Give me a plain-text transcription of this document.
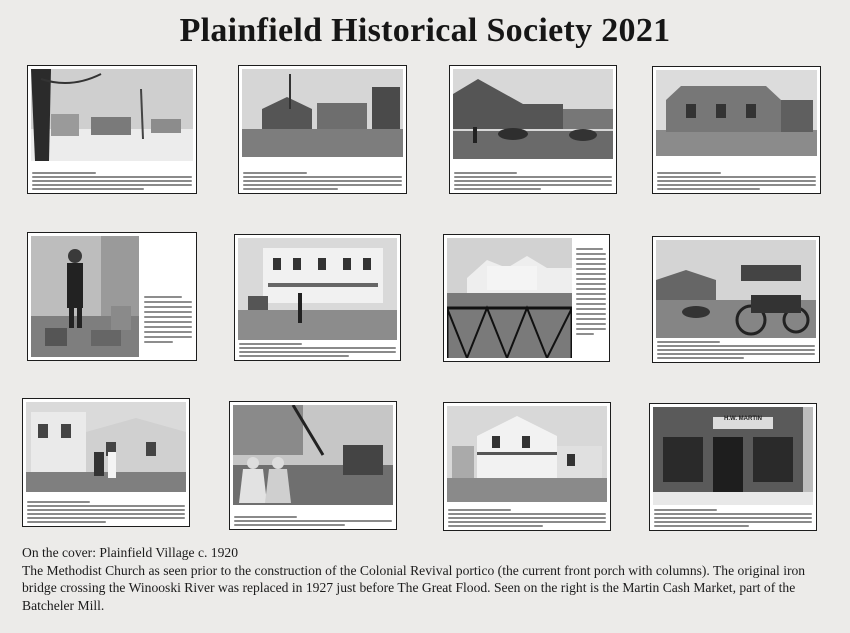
Plainfield Historical Society 2021
H.W. MARTIN

On the cover: Plainfield Village c. 1920

The Methodist Church as seen prior to the construction of the Colonial Revival portico (the current front porch with columns). The original iron bridge crossing the Winooski River was replaced in 1927 just before The Great Flood. Seen on the right is the Martin Cash Market, part of the Batcheler Mill.
